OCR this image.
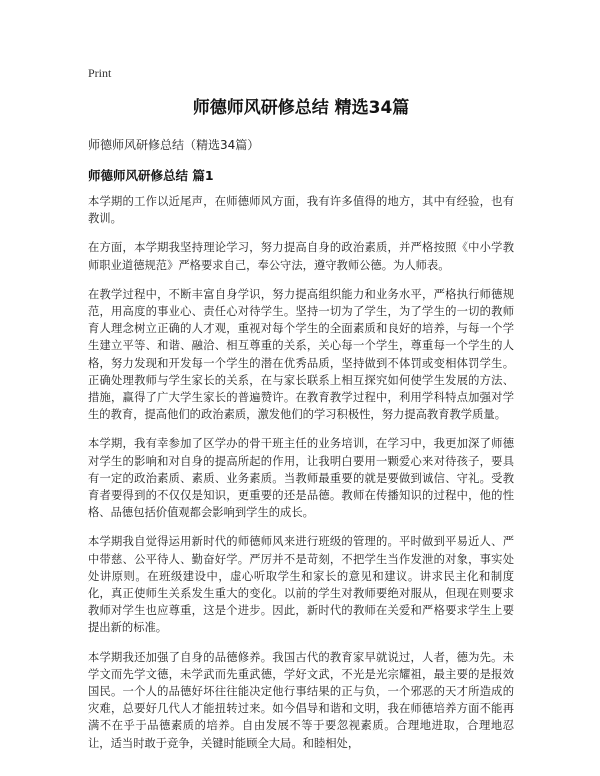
Print
师德师风研修总结 精选34篇
师德师风研修总结（精选34篇）
师德师风研修总结 篇1

本学期的工作以近尾声，在师德师风方面，我有许多值得的地方，其中有经验，也有教训。

在方面，本学期我坚持理论学习，努力提高自身的政治素质，并严格按照《中小学教师职业道德规范》严格要求自己，奉公守法，遵守教师公德。为人师表。

在教学过程中，不断丰富自身学识，努力提高组织能力和业务水平，严格执行师德规范，用高度的事业心、责任心对待学生。坚持一切为了学生，为了学生的一切的教师育人理念树立正确的人才观，重视对每个学生的全面素质和良好的培养，与每一个学生建立平等、和谐、融洽、相互尊重的关系，关心每一个学生，尊重每一个学生的人格，努力发现和开发每一个学生的潜在优秀品质，坚持做到不体罚或变相体罚学生。正确处理教师与学生家长的关系，在与家长联系上相互探究如何使学生发展的方法、措施，赢得了广大学生家长的普遍赞许。在教育教学过程中，利用学科特点加强对学生的教育，提高他们的政治素质，激发他们的学习积极性，努力提高教育教学质量。

本学期，我有幸参加了区学办的骨干班主任的业务培训，在学习中，我更加深了师德对学生的影响和对自身的提高所起的作用，让我明白要用一颗爱心来对待孩子，要具有一定的政治素质、素质、业务素质。当教师最重要的就是要做到诚信、守礼。受教育者要得到的不仅仅是知识，更重要的还是品德。教师在传播知识的过程中，他的性格、品德包括价值观都会影响到学生的成长。

本学期我自觉得运用新时代的师德师风来进行班级的管理的。平时做到平易近人、严中带慈、公平待人、勤奋好学。严厉并不是苛刻，不把学生当作发泄的对象，事实处处讲原则。在班级建设中，虚心听取学生和家长的意见和建议。讲求民主化和制度化，真正使师生关系发生重大的变化。以前的学生对教师要绝对服从，但现在则要求教师对学生也应尊重，这是个进步。因此，新时代的教师在关爱和严格要求学生上要提出新的标准。

本学期我还加强了自身的品德修养。我国古代的教育家早就说过，人者，德为先。未学文而先学文德，未学武而先重武德，学好文武，不光是光宗耀祖，最主要的是报效国民。一个人的品德好坏往往能决定他行事结果的正与负，一个邪恶的天才所造成的灾难，总要好几代人才能扭转过来。如今倡导和谐和文明，我在师德培养方面不能再满不在乎于品德素质的培养。自由发展不等于要忽视素质。合理地进取，合理地忍让，适当时敢于竞争，关键时能顾全大局。和睦相处，
